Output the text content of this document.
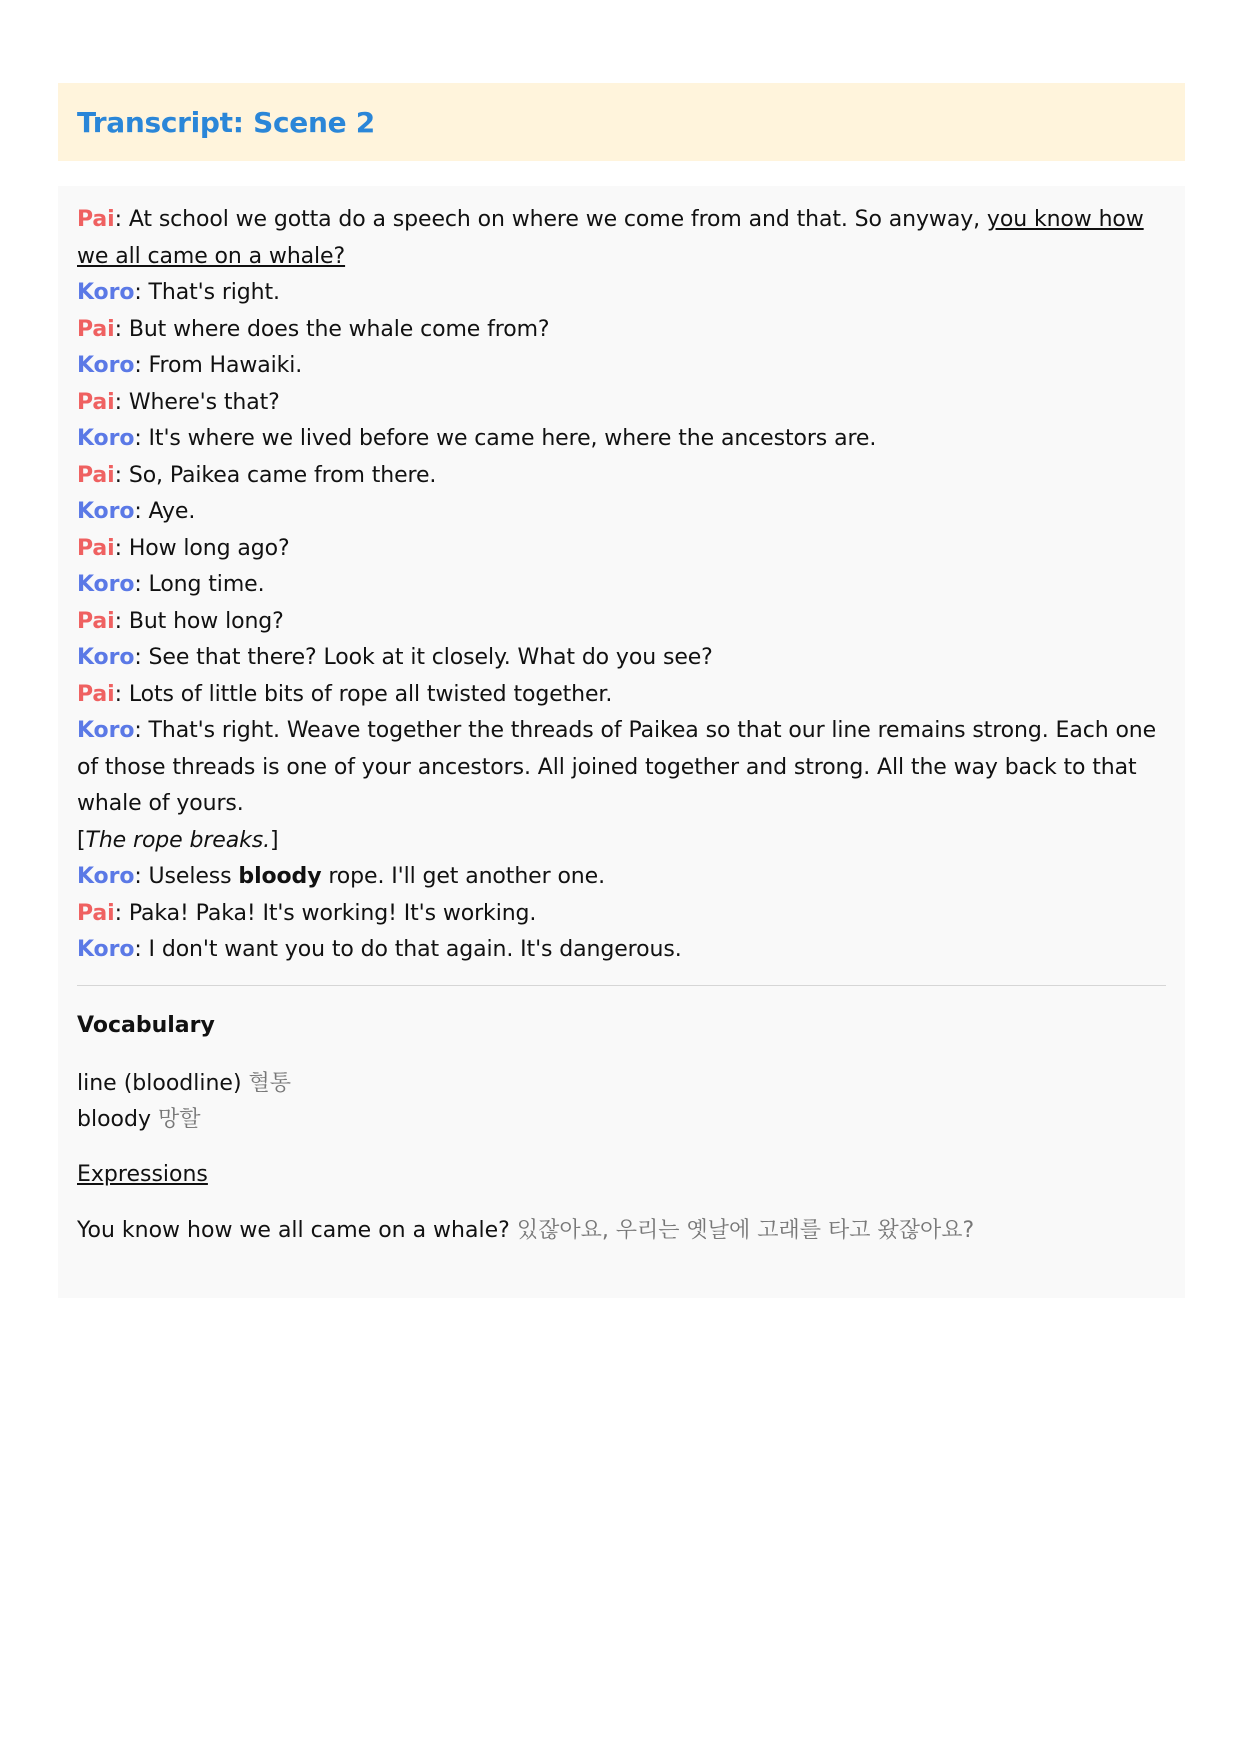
Transcript: Scene 2

Pai: At school we gotta do a speech on where we come from and that. So anyway, you know how we all came on a whale?

Koro: That's right.

Pai: But where does the whale come from?

Koro: From Hawaiki.

Pai: Where's that?

Koro: It's where we lived before we came here, where the ancestors are.

Pai: So, Paikea came from there.

Koro: Aye.

Pai: How long ago?

Koro: Long time.

Pai: But how long?

Koro: See that there? Look at it closely. What do you see?

Pai: Lots of little bits of rope all twisted together.

Koro: That's right. Weave together the threads of Paikea so that our line remains strong. Each one of those threads is one of your ancestors. All joined together and strong. All the way back to that whale of yours.

[The rope breaks.]

Koro: Useless bloody rope. I'll get another one.

Pai: Paka! Paka! It's working! It's working.

Koro: I don't want you to do that again. It's dangerous.

Vocabulary
line (bloodline) 혈통
bloody 망할
Expressions
You know how we all came on a whale? 있잖아요, 우리는 옛날에 고래를 타고 왔잖아요?
